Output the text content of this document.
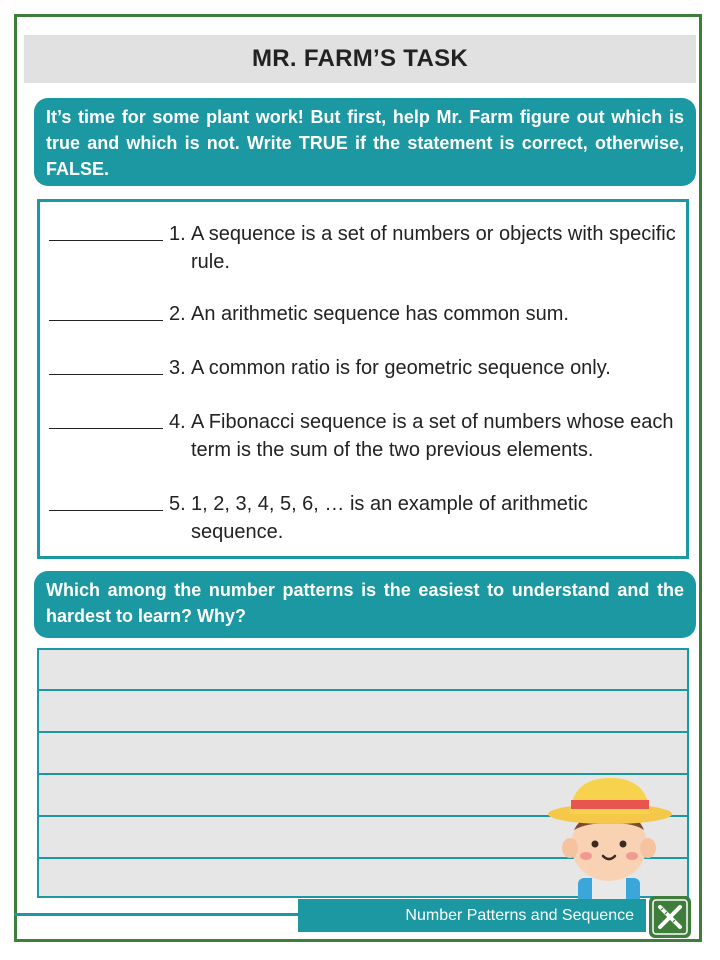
MR. FARM’S TASK

It’s time for some plant work! But first, help Mr. Farm figure out which is true and which is not. Write TRUE if the statement is correct, otherwise, FALSE.

1. A sequence is a set of numbers or objects with specific rule.
2. An arithmetic sequence has common sum.
3. A common ratio is for geometric sequence only.
4. A Fibonacci sequence is a set of numbers whose each term is the sum of the two previous elements.
5. 1, 2, 3, 4, 5, 6, … is an example of arithmetic sequence.

Which among the number patterns is the easiest to understand and the hardest to learn? Why?

Number Patterns and Sequence
